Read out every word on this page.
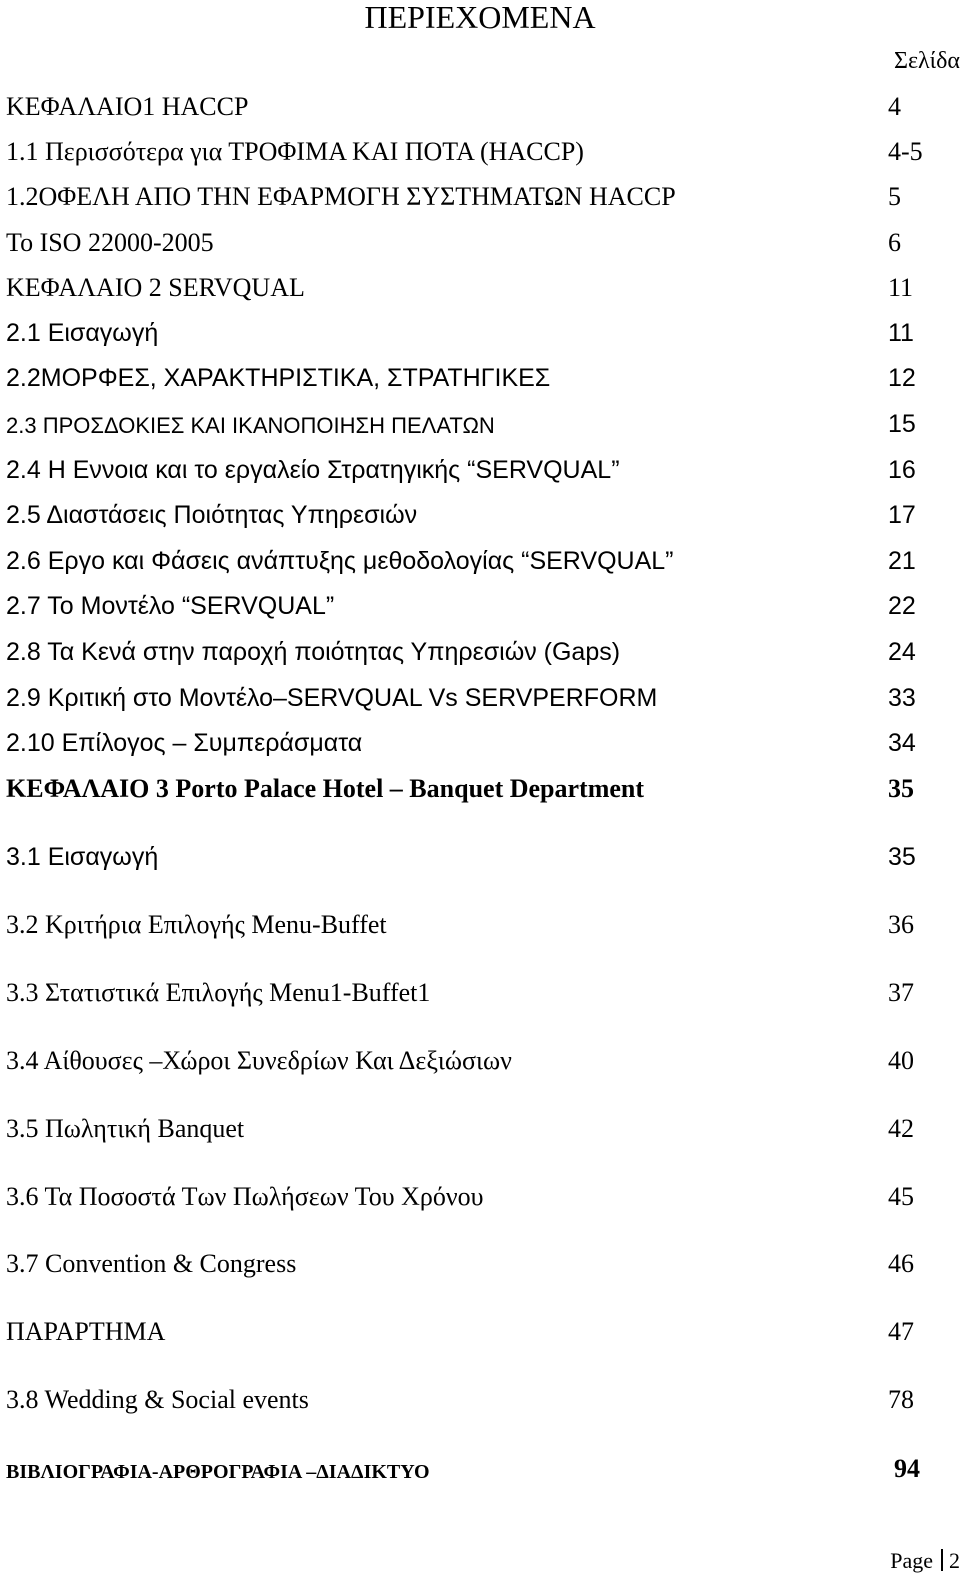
ΠΕΡΙΕΧΟΜΕΝΑ
Σελίδα
ΚΕΦΑΛΑΙΟ1 HACCP	4
1.1 Περισσότερα για ΤΡΟΦΙΜΑ ΚΑΙ ΠΟΤΑ (HACCP)	4-5
1.2ΟΦΕΛΗ ΑΠΟ ΤΗΝ ΕΦΑΡΜΟΓΗ ΣΥΣΤΗΜΑΤΩΝ HACCP	5
To ISO 22000-2005	6
ΚΕΦΑΛΑΙΟ 2 SERVQUAL	11
2.1 Εισαγωγή	11
2.2ΜΟΡΦΕΣ, ΧΑΡΑΚΤΗΡΙΣΤΙΚΑ, ΣΤΡΑΤΗΓΙΚΕΣ	12
2.3 ΠΡΟΣΔΟΚΙΕΣ ΚΑΙ ΙΚΑΝΟΠΟΙΗΣΗ ΠΕΛΑΤΩΝ	15
2.4 Η Εννοια και το εργαλείο Στρατηγικής “SERVQUAL”	16
2.5 Διαστάσεις Ποιότητας Υπηρεσιών	17
2.6 Εργο και Φάσεις ανάπτυξης μεθοδολογίας “SERVQUAL”	21
2.7 Το Μοντέλο “SERVQUAL”	22
2.8 Τα Κενά στην παροχή ποιότητας Υπηρεσιών (Gaps)	24
2.9 Κριτική στο Μοντέλο–SERVQUAL Vs SERVPERFORM	33
2.10 Επίλογος – Συμπεράσματα	34
ΚΕΦΑΛΑΙΟ 3 Porto Palace Hotel – Banquet Department	35
3.1 Εισαγωγή	35
3.2 Κριτήρια Επιλογής Menu-Buffet	36
3.3 Στατιστικά Επιλογής Menu1-Buffet1	37
3.4 Αίθουσες –Χώροι Συνεδρίων Και Δεξιώσιων	40
3.5 Πωλητική Banquet	42
3.6 Τα Ποσοστά Των Πωλήσεων Του Χρόνου	45
3.7 Convention & Congress	46
ΠΑΡΑΡΤΗΜΑ	47
3.8 Wedding & Social events	78
ΒΙΒΛΙΟΓΡΑΦΙΑ-ΑΡΘΡΟΓΡΑΦΙΑ –ΔΙΑΔΙΚΤΥΟ	94
Page 2
